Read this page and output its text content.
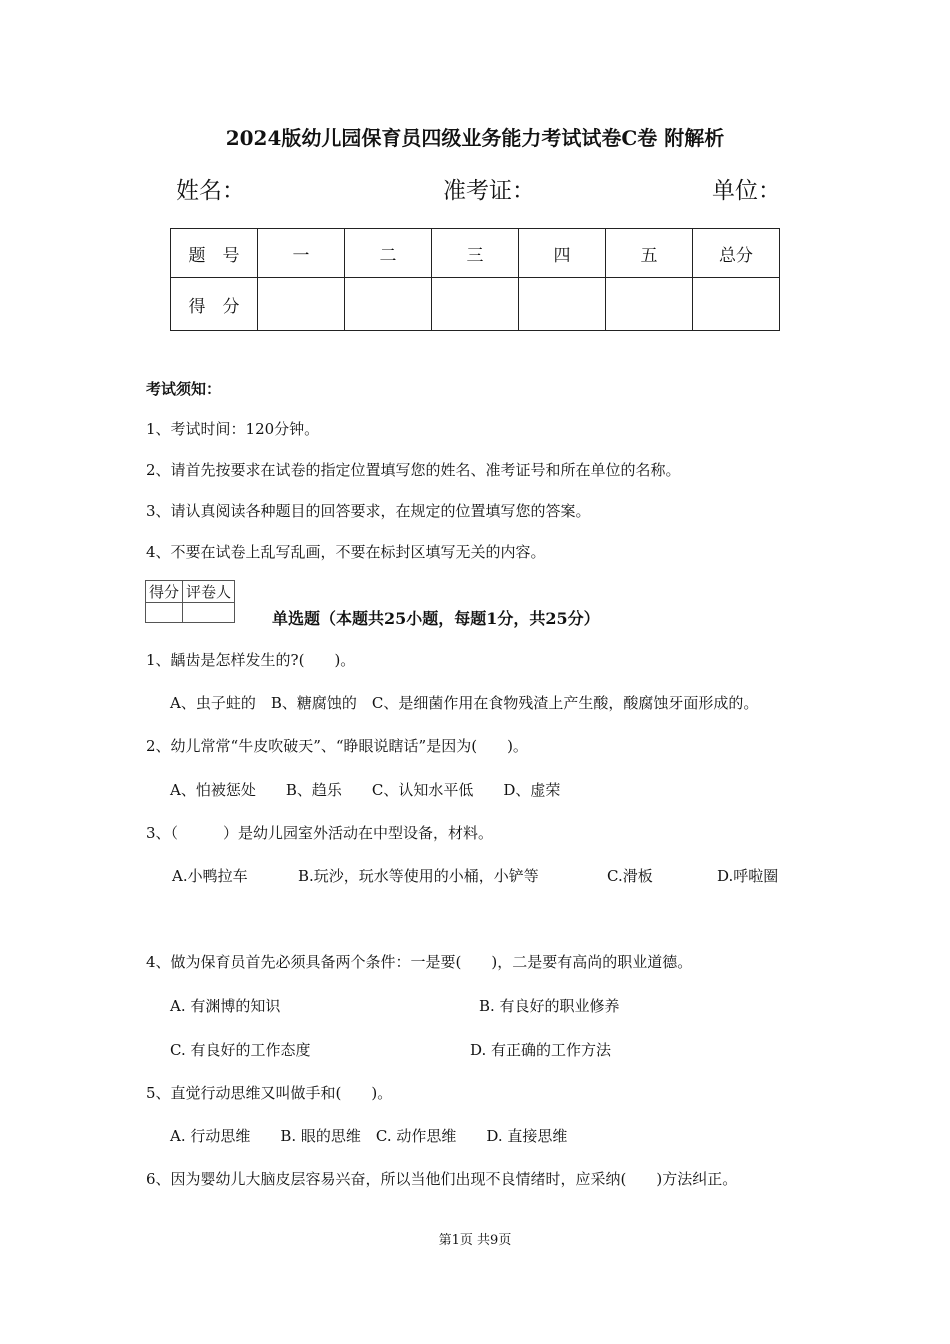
2024版幼儿园保育员四级业务能力考试试卷C卷 附解析
姓名：	准考证：	单位：
题　号	一	二	三	四	五	总分
得　分						
考试须知：
1、考试时间：120分钟。
2、请首先按要求在试卷的指定位置填写您的姓名、准考证号和所在单位的名称。
3、请认真阅读各种题目的回答要求，在规定的位置填写您的答案。
4、不要在试卷上乱写乱画，不要在标封区填写无关的内容。
得分	评卷人

单选题（本题共25小题，每题1分，共25分）
1、龋齿是怎样发生的?(　　)。
A、虫子蛀的　B、糖腐蚀的　C、是细菌作用在食物残渣上产生酸，酸腐蚀牙面形成的。
2、幼儿常常“牛皮吹破天”、“睁眼说瞎话”是因为(　　)。
A、怕被惩处　　B、趋乐　　C、认知水平低　　D、虚荣
3、（　　　）是幼儿园室外活动在中型设备，材料。
A.小鸭拉车	B.玩沙，玩水等使用的小桶，小铲等	C.滑板	D.呼啦圈
4、做为保育员首先必须具备两个条件：一是要(　　)，二是要有高尚的职业道德。
A. 有渊博的知识	B. 有良好的职业修养
C. 有良好的工作态度	D. 有正确的工作方法
5、直觉行动思维又叫做手和(　　)。
A. 行动思维　　B. 眼的思维　C. 动作思维　　D. 直接思维
6、因为婴幼儿大脑皮层容易兴奋，所以当他们出现不良情绪时，应采纳(　　)方法纠正。
第1页 共9页
